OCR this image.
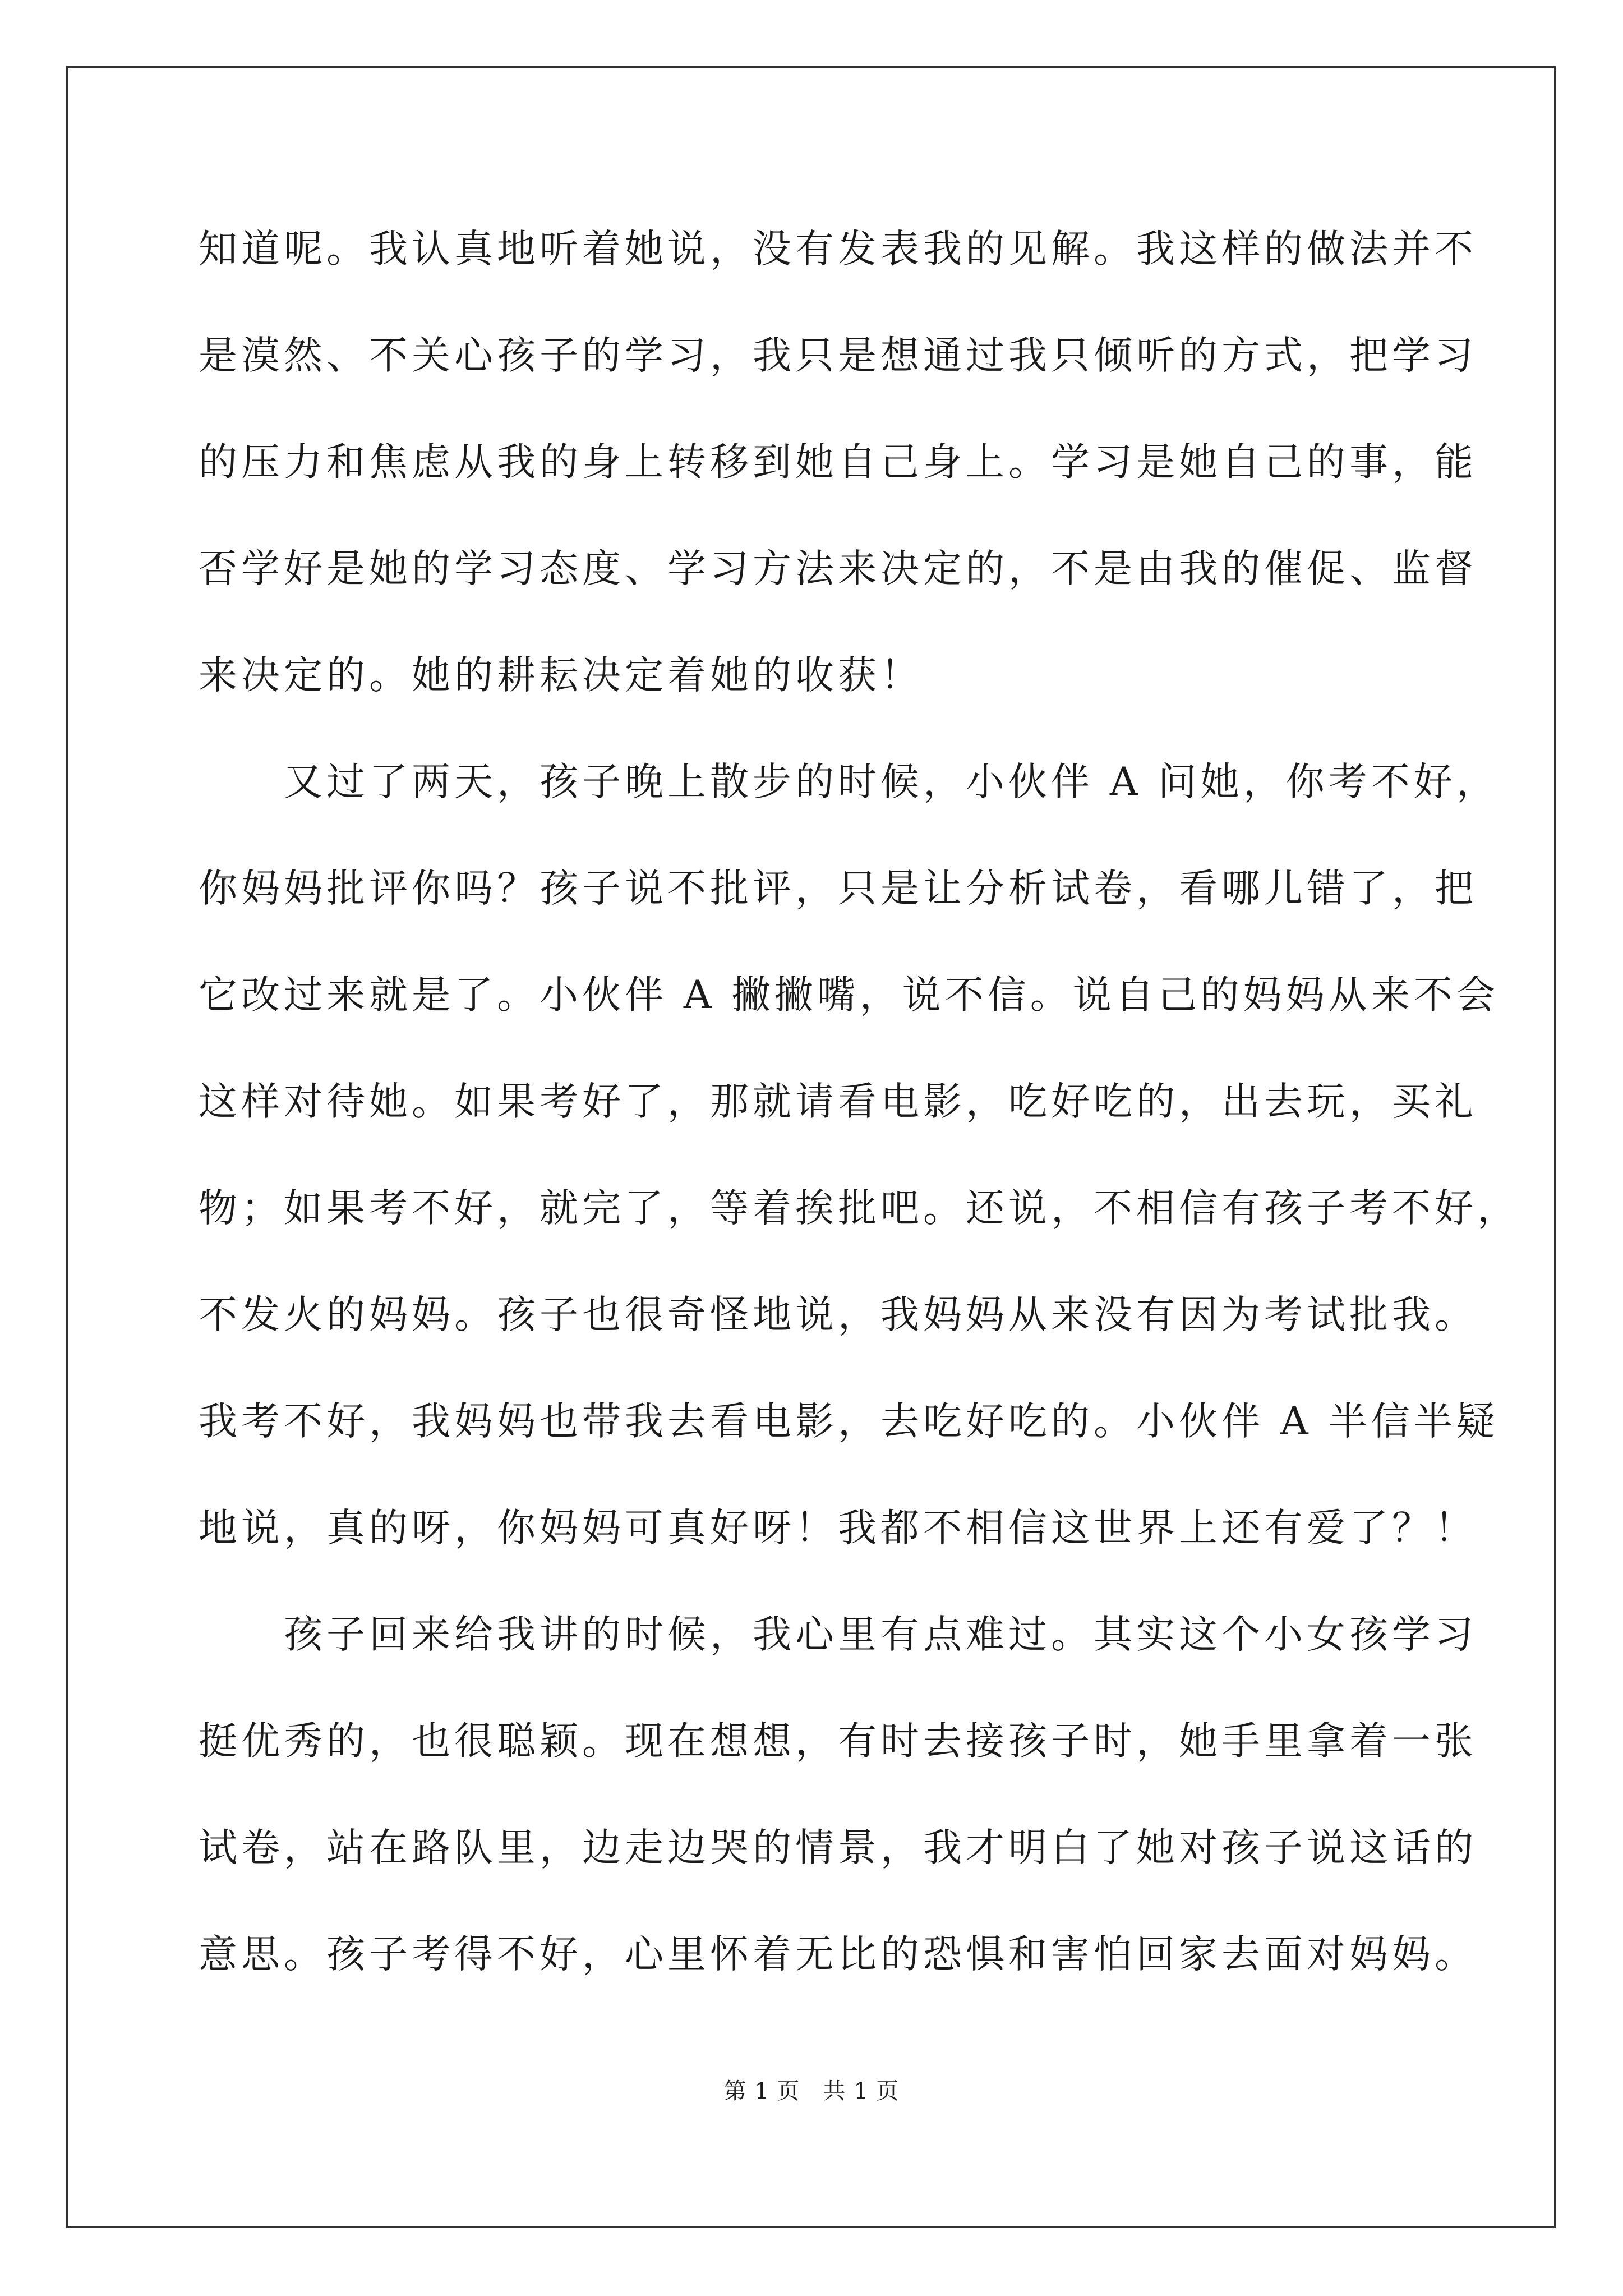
知道呢。我认真地听着她说，没有发表我的见解。我这样的做法并不
是漠然、不关心孩子的学习，我只是想通过我只倾听的方式，把学习
的压力和焦虑从我的身上转移到她自己身上。学习是她自己的事，能
否学好是她的学习态度、学习方法来决定的，不是由我的催促、监督
来决定的。她的耕耘决定着她的收获！
　　又过了两天，孩子晚上散步的时候，小伙伴 A 问她，你考不好，
你妈妈批评你吗？孩子说不批评，只是让分析试卷，看哪儿错了，把
它改过来就是了。小伙伴 A 撇撇嘴，说不信。说自己的妈妈从来不会
这样对待她。如果考好了，那就请看电影，吃好吃的，出去玩，买礼
物；如果考不好，就完了，等着挨批吧。还说，不相信有孩子考不好，
不发火的妈妈。孩子也很奇怪地说，我妈妈从来没有因为考试批我。
我考不好，我妈妈也带我去看电影，去吃好吃的。小伙伴 A 半信半疑
地说，真的呀，你妈妈可真好呀！我都不相信这世界上还有爱了？！
　　孩子回来给我讲的时候，我心里有点难过。其实这个小女孩学习
挺优秀的，也很聪颖。现在想想，有时去接孩子时，她手里拿着一张
试卷，站在路队里，边走边哭的情景，我才明白了她对孩子说这话的
意思。孩子考得不好，心里怀着无比的恐惧和害怕回家去面对妈妈。
第 1 页　共 1 页
